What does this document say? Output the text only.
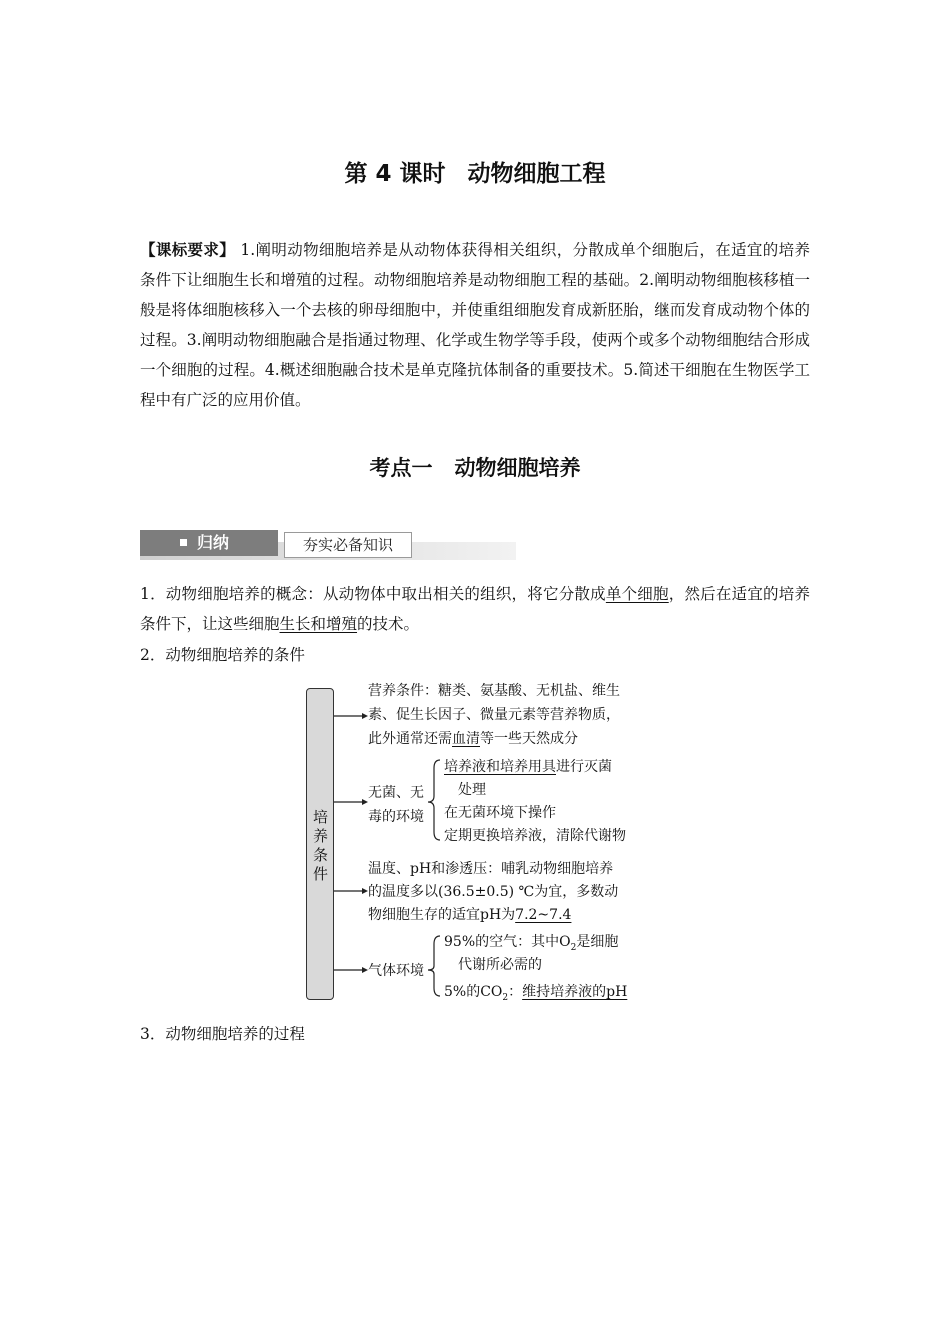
第 4 课时 动物细胞工程
【课标要求】 1.阐明动物细胞培养是从动物体获得相关组织，分散成单个细胞后，在适宜的培养条件下让细胞生长和增殖的过程。动物细胞培养是动物细胞工程的基础。2.阐明动物细胞核移植一般是将体细胞核移入一个去核的卵母细胞中，并使重组细胞发育成新胚胎，继而发育成动物个体的过程。3.阐明动物细胞融合是指通过物理、化学或生物学等手段，使两个或多个动物细胞结合形成一个细胞的过程。4.概述细胞融合技术是单克隆抗体制备的重要技术。5.简述干细胞在生物医学工程中有广泛的应用价值。
考点一 动物细胞培养
归纳	夯实必备知识
1．动物细胞培养的概念：从动物体中取出相关的组织，将它分散成单个细胞，然后在适宜的培养条件下，让这些细胞生长和增殖的技术。
2．动物细胞培养的条件
培养条件
营养条件：糖类、氨基酸、无机盐、维生
素、促生长因子、微量元素等营养物质，
此外通常还需血清等一些天然成分
无菌、无
毒的环境
培养液和培养用具进行灭菌
处理
在无菌环境下操作
定期更换培养液，清除代谢物
温度、pH和渗透压：哺乳动物细胞培养
的温度多以(36.5±0.5) ℃为宜，多数动
物细胞生存的适宜pH为7.2~7.4
气体环境
95%的空气：其中$O_2$是细胞
代谢所必需的
5%的$CO_2$：维持培养液的pH
3．动物细胞培养的过程
